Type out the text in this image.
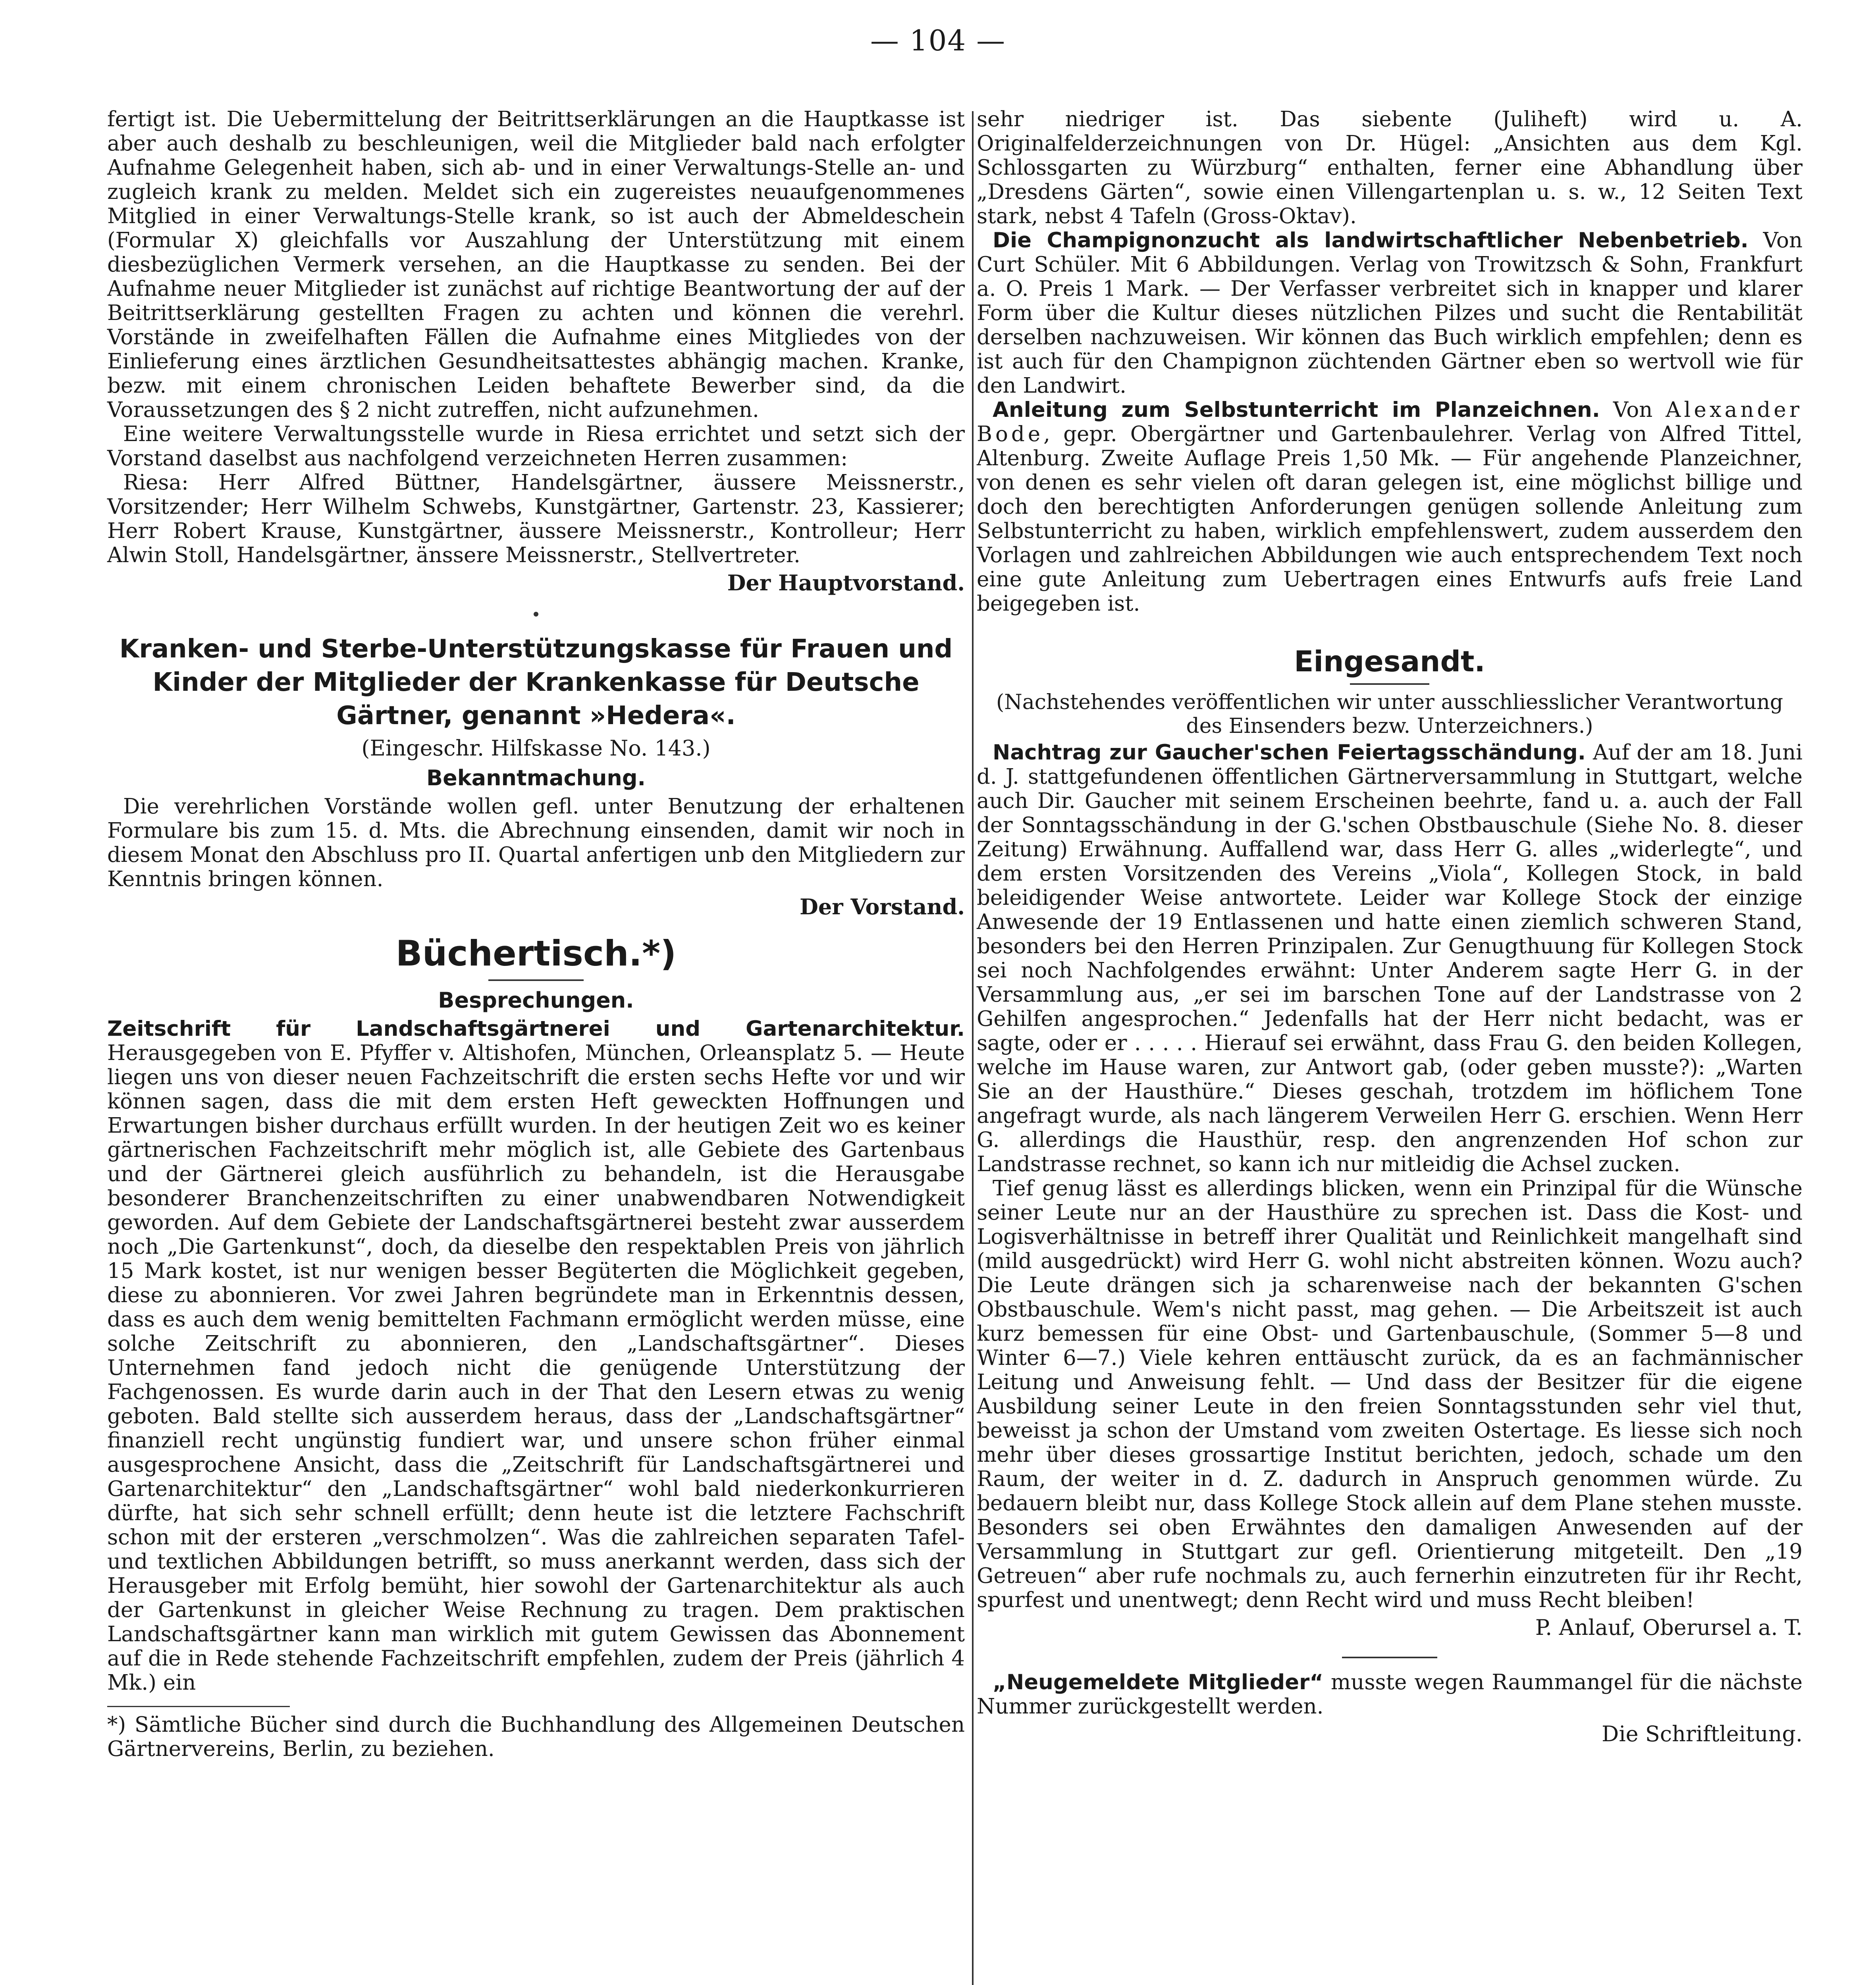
— 104 —

fertigt ist. Die Uebermittelung der Beitrittserklärungen an die Hauptkasse ist aber auch deshalb zu beschleunigen, weil die Mitglieder bald nach erfolgter Aufnahme Gelegenheit haben, sich ab- und in einer Verwaltungs-Stelle an- und zugleich krank zu melden. Meldet sich ein zugereistes neuaufgenommenes Mitglied in einer Verwaltungs-Stelle krank, so ist auch der Abmeldeschein (Formular X) gleichfalls vor Auszahlung der Unterstützung mit einem diesbezüglichen Vermerk versehen, an die Hauptkasse zu senden. Bei der Aufnahme neuer Mitglieder ist zunächst auf richtige Beantwortung der auf der Beitrittserklärung gestellten Fragen zu achten und können die verehrl. Vorstände in zweifelhaften Fällen die Aufnahme eines Mitgliedes von der Einlieferung eines ärztlichen Gesundheitsattestes abhängig machen. Kranke, bezw. mit einem chronischen Leiden behaftete Bewerber sind, da die Voraussetzungen des § 2 nicht zutreffen, nicht aufzunehmen.

Eine weitere Verwaltungsstelle wurde in Riesa errichtet und setzt sich der Vorstand daselbst aus nachfolgend verzeichneten Herren zusammen:

Riesa: Herr Alfred Büttner, Handelsgärtner, äussere Meissnerstr., Vorsitzender; Herr Wilhelm Schwebs, Kunstgärtner, Gartenstr. 23, Kassierer; Herr Robert Krause, Kunstgärtner, äussere Meissnerstr., Kontrolleur; Herr Alwin Stoll, Handelsgärtner, änssere Meissnerstr., Stellvertreter.

Der Hauptvorstand.

Kranken- und Sterbe-Unterstützungskasse für Frauen und Kinder der Mitglieder der Krankenkasse für Deutsche Gärtner, genannt »Hedera«.

(Eingeschr. Hilfskasse No. 143.)

Bekanntmachung.

Die verehrlichen Vorstände wollen gefl. unter Benutzung der erhaltenen Formulare bis zum 15. d. Mts. die Abrechnung einsenden, damit wir noch in diesem Monat den Abschluss pro II. Quartal anfertigen unb den Mitgliedern zur Kenntnis bringen können.

Der Vorstand.

Büchertisch.*)

Besprechungen.

Zeitschrift für Landschaftsgärtnerei und Gartenarchitektur. Herausgegeben von E. Pfyffer v. Altishofen, München, Orleansplatz 5. — Heute liegen uns von dieser neuen Fachzeitschrift die ersten sechs Hefte vor und wir können sagen, dass die mit dem ersten Heft geweckten Hoffnungen und Erwartungen bisher durchaus erfüllt wurden. In der heutigen Zeit wo es keiner gärtnerischen Fachzeitschrift mehr möglich ist, alle Gebiete des Gartenbaus und der Gärtnerei gleich ausführlich zu behandeln, ist die Herausgabe besonderer Branchenzeitschriften zu einer unabwendbaren Notwendigkeit geworden. Auf dem Gebiete der Landschaftsgärtnerei besteht zwar ausserdem noch „Die Gartenkunst“, doch, da dieselbe den respektablen Preis von jährlich 15 Mark kostet, ist nur wenigen besser Begüterten die Möglichkeit gegeben, diese zu abonnieren. Vor zwei Jahren begründete man in Erkenntnis dessen, dass es auch dem wenig bemittelten Fachmann ermöglicht werden müsse, eine solche Zeitschrift zu abonnieren, den „Landschaftsgärtner“. Dieses Unternehmen fand jedoch nicht die genügende Unterstützung der Fachgenossen. Es wurde darin auch in der That den Lesern etwas zu wenig geboten. Bald stellte sich ausserdem heraus, dass der „Landschaftsgärtner“ finanziell recht ungünstig fundiert war, und unsere schon früher einmal ausgesprochene Ansicht, dass die „Zeitschrift für Landschaftsgärtnerei und Gartenarchitektur“ den „Landschaftsgärtner“ wohl bald niederkonkurrieren dürfte, hat sich sehr schnell erfüllt; denn heute ist die letztere Fachschrift schon mit der ersteren „verschmolzen“. Was die zahlreichen separaten Tafel- und textlichen Abbildungen betrifft, so muss anerkannt werden, dass sich der Herausgeber mit Erfolg bemüht, hier sowohl der Gartenarchitektur als auch der Gartenkunst in gleicher Weise Rechnung zu tragen. Dem praktischen Landschaftsgärtner kann man wirklich mit gutem Gewissen das Abonnement auf die in Rede stehende Fachzeitschrift empfehlen, zudem der Preis (jährlich 4 Mk.) ein

*) Sämtliche Bücher sind durch die Buchhandlung des Allgemeinen Deutschen Gärtnervereins, Berlin, zu beziehen.

sehr niedriger ist. Das siebente (Juliheft) wird u. A. Originalfelderzeichnungen von Dr. Hügel: „Ansichten aus dem Kgl. Schlossgarten zu Würzburg“ enthalten, ferner eine Abhandlung über „Dresdens Gärten“, sowie einen Villengartenplan u. s. w., 12 Seiten Text stark, nebst 4 Tafeln (Gross-Oktav).

Die Champignonzucht als landwirtschaftlicher Nebenbetrieb. Von Curt Schüler. Mit 6 Abbildungen. Verlag von Trowitzsch & Sohn, Frankfurt a. O. Preis 1 Mark. — Der Verfasser verbreitet sich in knapper und klarer Form über die Kultur dieses nützlichen Pilzes und sucht die Rentabilität derselben nachzuweisen. Wir können das Buch wirklich empfehlen; denn es ist auch für den Champignon züchtenden Gärtner eben so wertvoll wie für den Landwirt.

Anleitung zum Selbstunterricht im Planzeichnen. Von Alexander Bode, gepr. Obergärtner und Gartenbaulehrer. Verlag von Alfred Tittel, Altenburg. Zweite Auflage Preis 1,50 Mk. — Für angehende Planzeichner, von denen es sehr vielen oft daran gelegen ist, eine möglichst billige und doch den berechtigten Anforderungen genügen sollende Anleitung zum Selbstunterricht zu haben, wirklich empfehlenswert, zudem ausserdem den Vorlagen und zahlreichen Abbildungen wie auch entsprechendem Text noch eine gute Anleitung zum Uebertragen eines Entwurfs aufs freie Land beigegeben ist.

Eingesandt.

(Nachstehendes veröffentlichen wir unter ausschliesslicher Verantwortung des Einsenders bezw. Unterzeichners.)

Nachtrag zur Gaucher'schen Feiertagsschändung. Auf der am 18. Juni d. J. stattgefundenen öffentlichen Gärtnerversammlung in Stuttgart, welche auch Dir. Gaucher mit seinem Erscheinen beehrte, fand u. a. auch der Fall der Sonntagsschändung in der G.'schen Obstbauschule (Siehe No. 8. dieser Zeitung) Erwähnung. Auffallend war, dass Herr G. alles „widerlegte“, und dem ersten Vorsitzenden des Vereins „Viola“, Kollegen Stock, in bald beleidigender Weise antwortete. Leider war Kollege Stock der einzige Anwesende der 19 Entlassenen und hatte einen ziemlich schweren Stand, besonders bei den Herren Prinzipalen. Zur Genugthuung für Kollegen Stock sei noch Nachfolgendes erwähnt: Unter Anderem sagte Herr G. in der Versammlung aus, „er sei im barschen Tone auf der Landstrasse von 2 Gehilfen angesprochen.“ Jedenfalls hat der Herr nicht bedacht, was er sagte, oder er . . . . . Hierauf sei erwähnt, dass Frau G. den beiden Kollegen, welche im Hause waren, zur Antwort gab, (oder geben musste?): „Warten Sie an der Hausthüre.“ Dieses geschah, trotzdem im höflichem Tone angefragt wurde, als nach längerem Verweilen Herr G. erschien. Wenn Herr G. allerdings die Hausthür, resp. den angrenzenden Hof schon zur Landstrasse rechnet, so kann ich nur mitleidig die Achsel zucken.

Tief genug lässt es allerdings blicken, wenn ein Prinzipal für die Wünsche seiner Leute nur an der Hausthüre zu sprechen ist. Dass die Kost- und Logisverhältnisse in betreff ihrer Qualität und Reinlichkeit mangelhaft sind (mild ausgedrückt) wird Herr G. wohl nicht abstreiten können. Wozu auch? Die Leute drängen sich ja scharenweise nach der bekannten G'schen Obstbauschule. Wem's nicht passt, mag gehen. — Die Arbeitszeit ist auch kurz bemessen für eine Obst- und Gartenbauschule, (Sommer 5—8 und Winter 6—7.) Viele kehren enttäuscht zurück, da es an fachmännischer Leitung und Anweisung fehlt. — Und dass der Besitzer für die eigene Ausbildung seiner Leute in den freien Sonntagsstunden sehr viel thut, beweisst ja schon der Umstand vom zweiten Ostertage. Es liesse sich noch mehr über dieses grossartige Institut berichten, jedoch, schade um den Raum, der weiter in d. Z. dadurch in Anspruch genommen würde. Zu bedauern bleibt nur, dass Kollege Stock allein auf dem Plane stehen musste. Besonders sei oben Erwähntes den damaligen Anwesenden auf der Versammlung in Stuttgart zur gefl. Orientierung mitgeteilt. Den „19 Getreuen“ aber rufe nochmals zu, auch fernerhin einzutreten für ihr Recht, spurfest und unentwegt; denn Recht wird und muss Recht bleiben!

P. Anlauf, Oberursel a. T.

„Neugemeldete Mitglieder“ musste wegen Raummangel für die nächste Nummer zurückgestellt werden.

Die Schriftleitung.
